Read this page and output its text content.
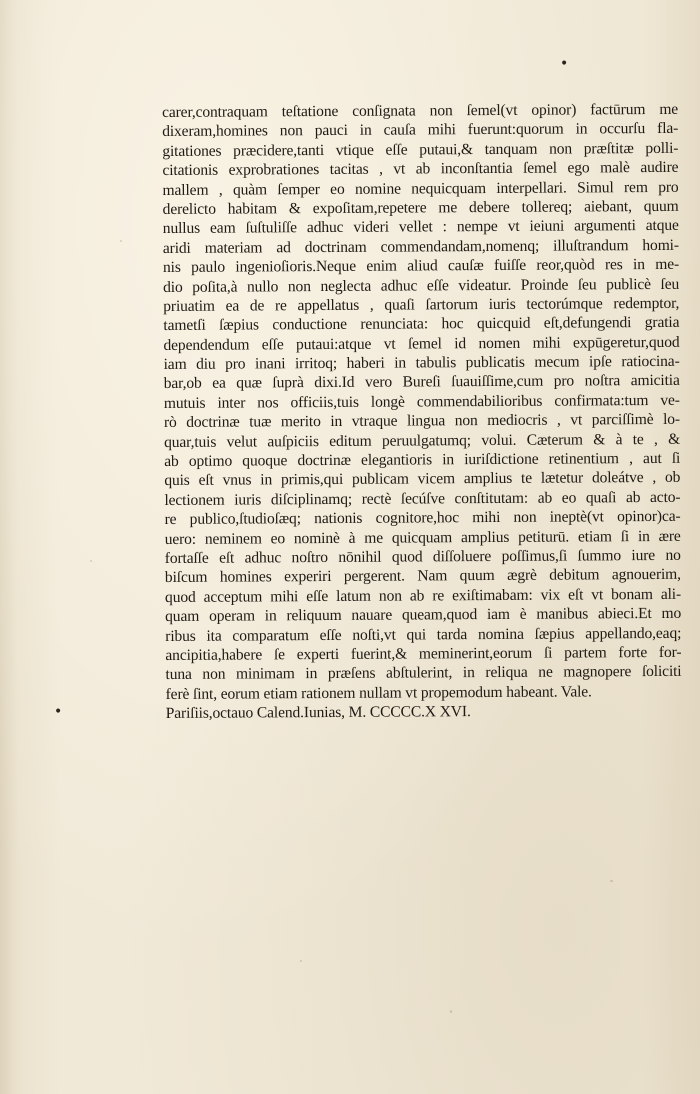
•
•
carer,contraquam teſtatione conſignata non ſemel(vt opinor) factūrum me
dixeram,homines non pauci in cauſa mihi fuerunt:quorum in occurſu fla-
gitationes præcidere,tanti vtique eſſe putaui,& tanquam non præſtitæ polli-
citationis exprobrationes tacitas , vt ab inconſtantia ſemel ego malè audire
mallem , quàm ſemper eo nomine nequicquam interpellari. Simul rem pro
derelicto habitam & expoſitam,repetere me debere tollereq; aiebant, quum
nullus eam ſuſtuliſſe adhuc videri vellet : nempe vt ieiuni argumenti atque
aridi materiam ad doctrinam commendandam,nomenq; illuſtrandum homi-
nis paulo ingenioſioris.Neque enim aliud cauſæ fuiſſe reor,quòd res in me-
dio poſita,à nullo non neglecta adhuc eſſe videatur. Proinde ſeu publicè ſeu
priuatim ea de re appellatus , quaſi ſartorum iuris tectorúmque redemptor,
tametſi ſæpius conductione renunciata: hoc quicquid eſt,defungendi gratia
dependendum eſſe putaui:atque vt ſemel id nomen mihi expūgeretur,quod
iam diu pro inani irritoq; haberi in tabulis publicatis mecum ipſe ratiocina-
bar,ob ea quæ ſuprà dixi.Id vero Bureſi ſuauiſſime,cum pro noſtra amicitia
mutuis inter nos officiis,tuis longè commendabilioribus confirmata:tum ve-
rò doctrinæ tuæ merito in vtraque lingua non mediocris , vt parciſſimè lo-
quar,tuis velut auſpiciis editum peruulgatumq; volui. Cæterum & à te , &
ab optimo quoque doctrinæ elegantioris in iuriſdictione retinentium , aut ſi
quis eſt vnus in primis,qui publicam vicem amplius te lætetur doleátve , ob
lectionem iuris diſciplinamq; rectè ſecúſve conſtitutam: ab eo quaſi ab acto-
re publico,ſtudioſæq; nationis cognitore,hoc mihi non ineptè(vt opinor)ca-
uero: neminem eo nominè à me quicquam amplius petiturū. etiam ſi in ære
fortaſſe eſt adhuc noſtro nōnihil quod diſſoluere poſſimus,ſi ſummo iure no
biſcum homines experiri pergerent. Nam quum ægrè debitum agnouerim,
quod acceptum mihi eſſe latum non ab re exiſtimabam: vix eſt vt bonam ali-
quam operam in reliquum nauare queam,quod iam è manibus abieci.Et mo
ribus ita comparatum eſſe noſti,vt qui tarda nomina ſæpius appellando,eaq;
ancipitia,habere ſe experti fuerint,& meminerint,eorum ſi partem forte for-
tuna non minimam in præſens abſtulerint, in reliqua ne magnopere ſoliciti
ferè ſint, eorum etiam rationem nullam vt propemodum habeant. Vale.
Pariſiis,octauo Calend.Iunias, M. CCCCC.X XVI.
